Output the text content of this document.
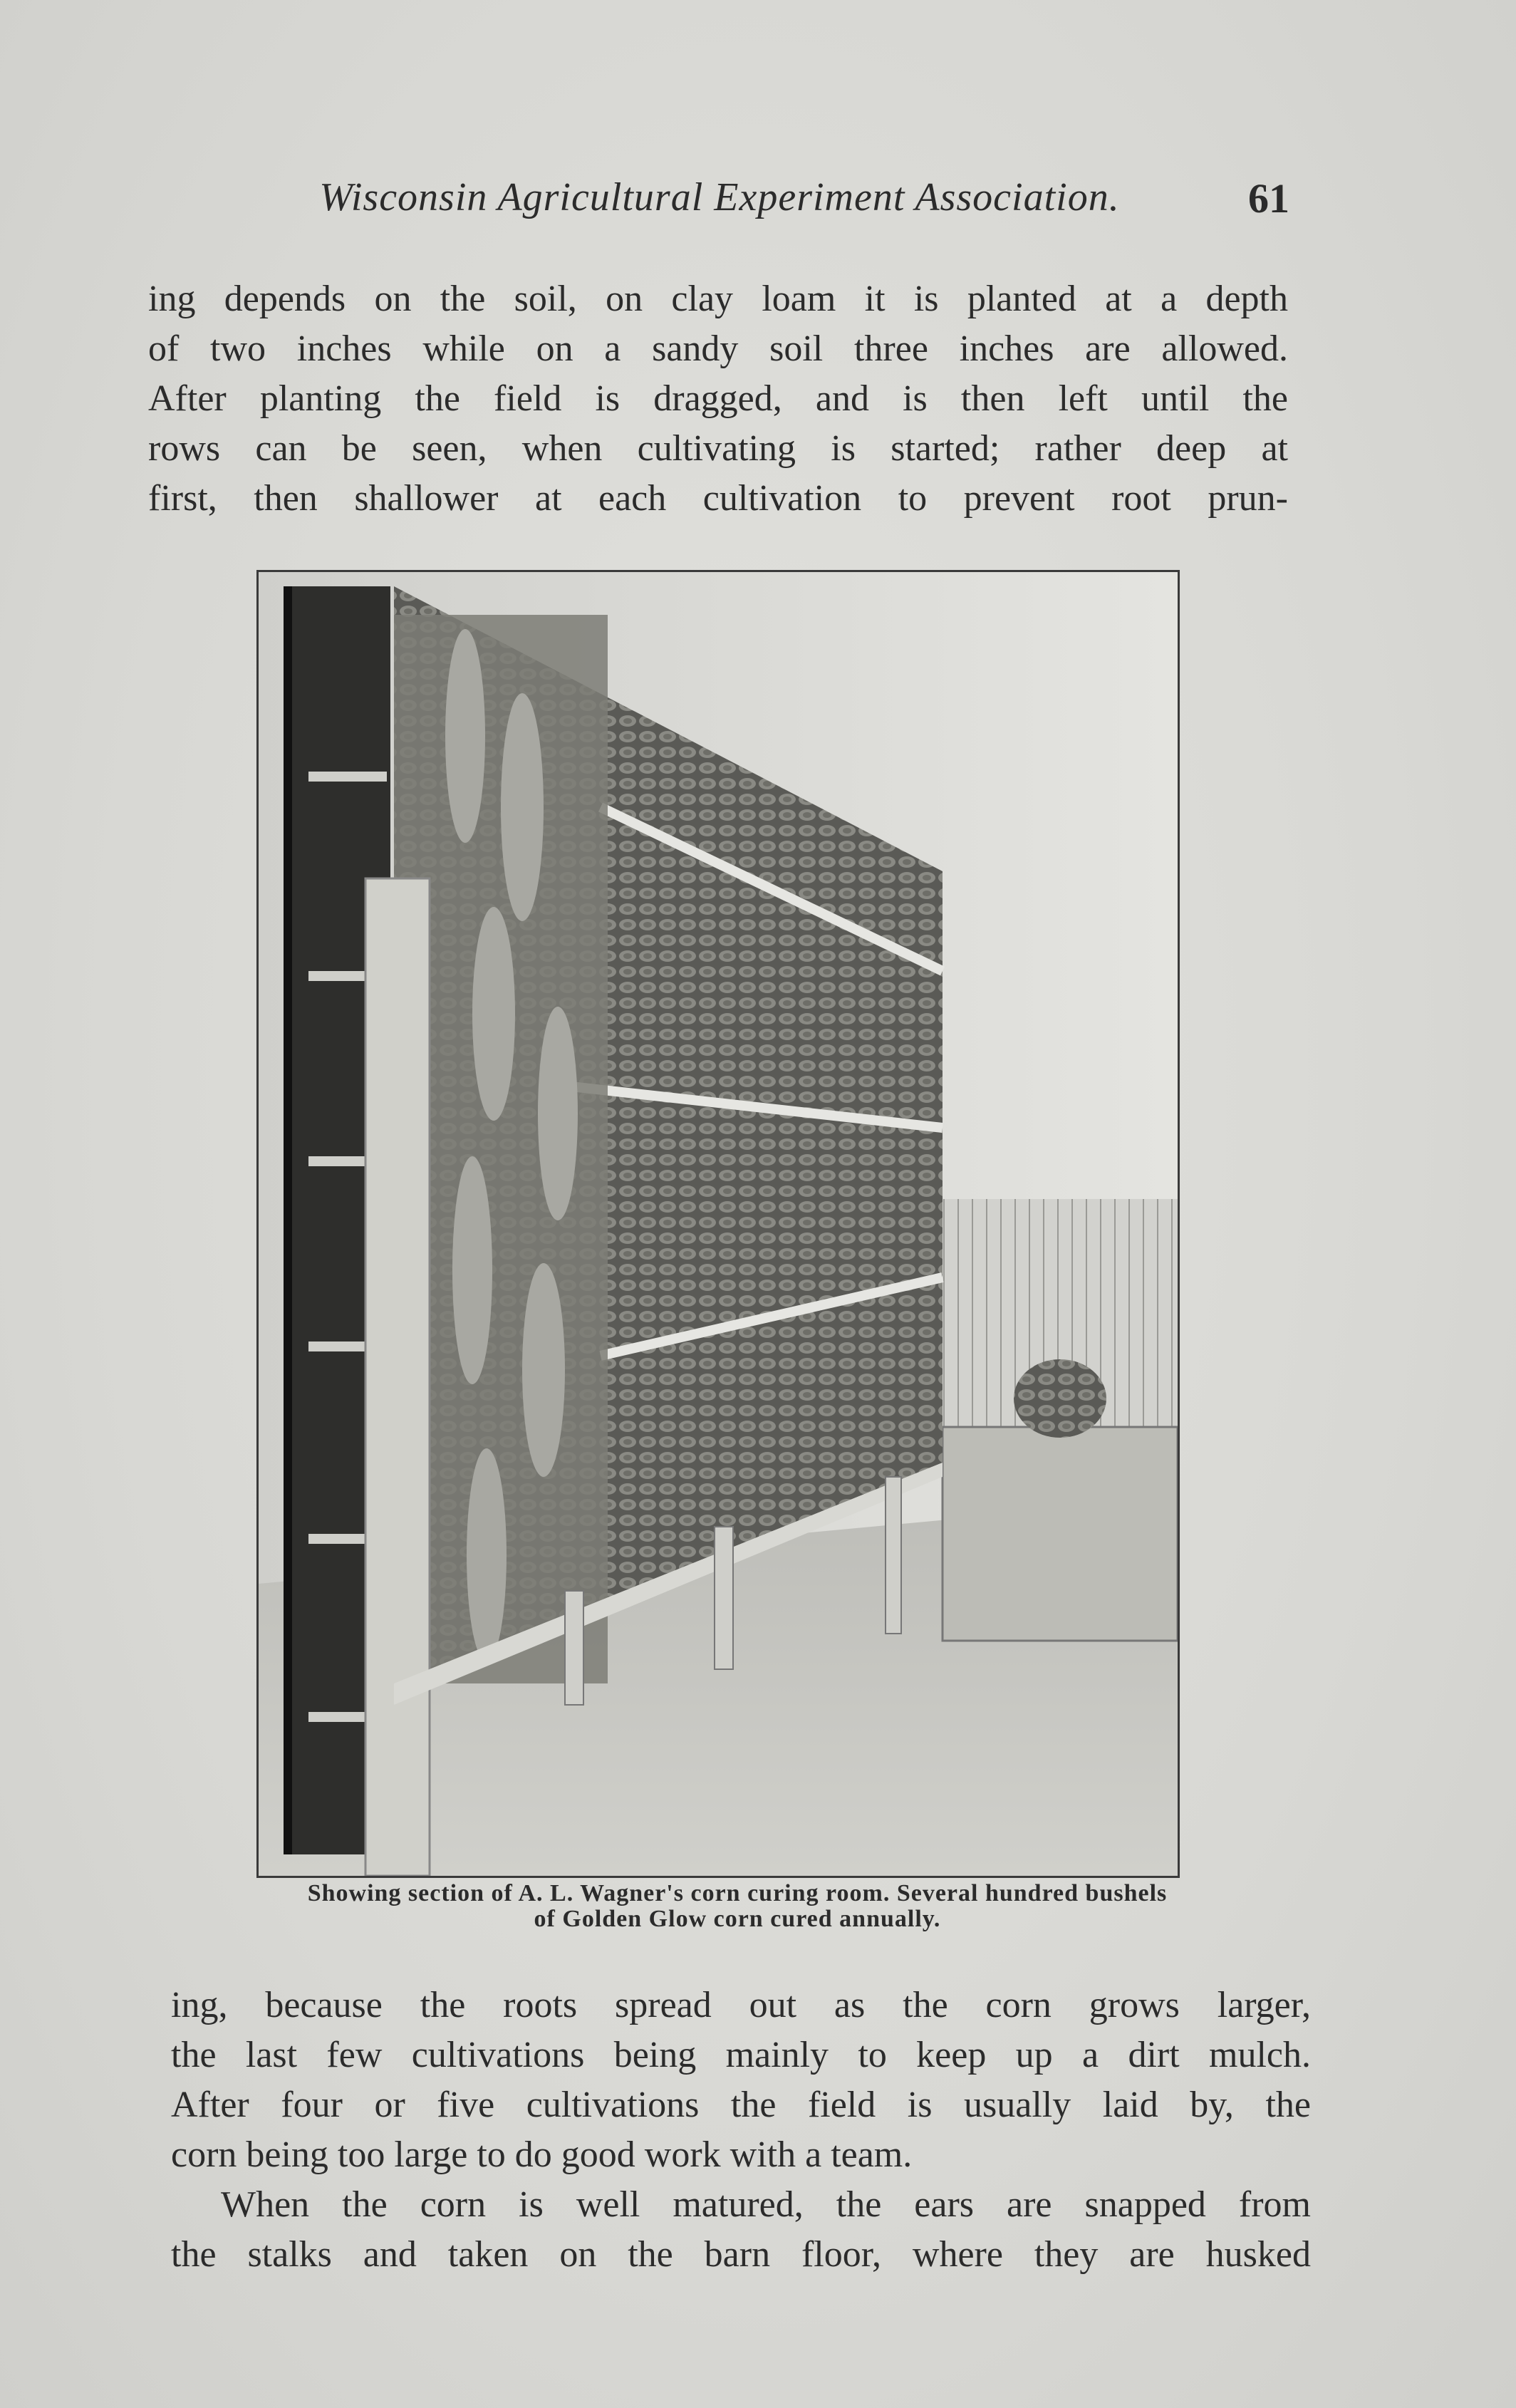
Wisconsin Agricultural Experiment Association.	61

ing depends on the soil, on clay loam it is planted at a depth
of two inches while on a sandy soil three inches are allowed.
After planting the field is dragged, and is then left until the
rows can be seen, when cultivating is started; rather deep at
first, then shallower at each cultivation to prevent root prun-

Showing section of A. L. Wagner's corn curing room. Several hundred bushels
of Golden Glow corn cured annually.

ing, because the roots spread out as the corn grows larger,
the last few cultivations being mainly to keep up a dirt mulch.
After four or five cultivations the field is usually laid by, the
corn being too large to do good work with a team.

When the corn is well matured, the ears are snapped from
the stalks and taken on the barn floor, where they are husked
